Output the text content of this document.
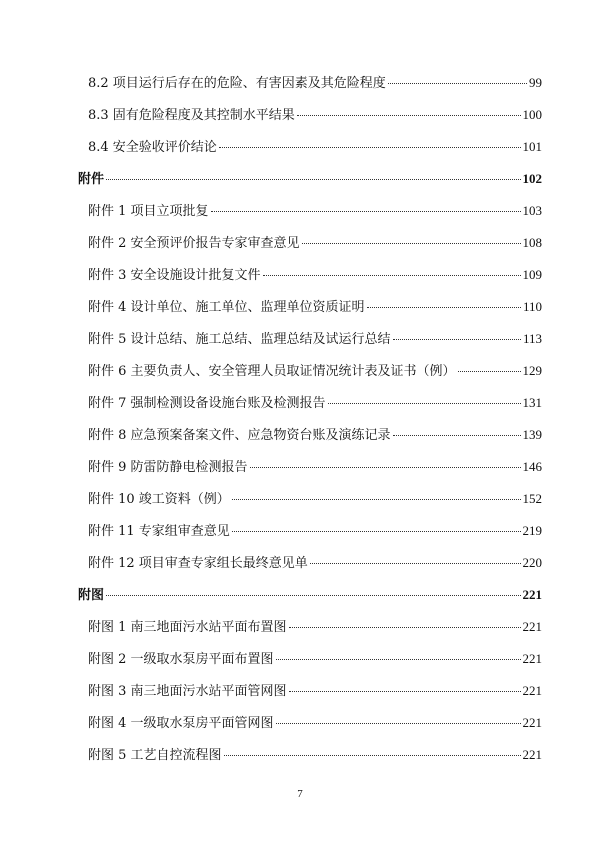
8.2 项目运行后存在的危险、有害因素及其危险程度	99
8.3 固有危险程度及其控制水平结果	100
8.4 安全验收评价结论	101
附件	102
附件 1 项目立项批复	103
附件 2 安全预评价报告专家审查意见	108
附件 3 安全设施设计批复文件	109
附件 4 设计单位、施工单位、监理单位资质证明	110
附件 5 设计总结、施工总结、监理总结及试运行总结	113
附件 6 主要负责人、安全管理人员取证情况统计表及证书（例）	129
附件 7 强制检测设备设施台账及检测报告	131
附件 8 应急预案备案文件、应急物资台账及演练记录	139
附件 9 防雷防静电检测报告	146
附件 10 竣工资料（例）	152
附件 11 专家组审查意见	219
附件 12 项目审查专家组长最终意见单	220
附图	221
附图 1 南三地面污水站平面布置图	221
附图 2 一级取水泵房平面布置图	221
附图 3 南三地面污水站平面管网图	221
附图 4 一级取水泵房平面管网图	221
附图 5 工艺自控流程图	221
7
